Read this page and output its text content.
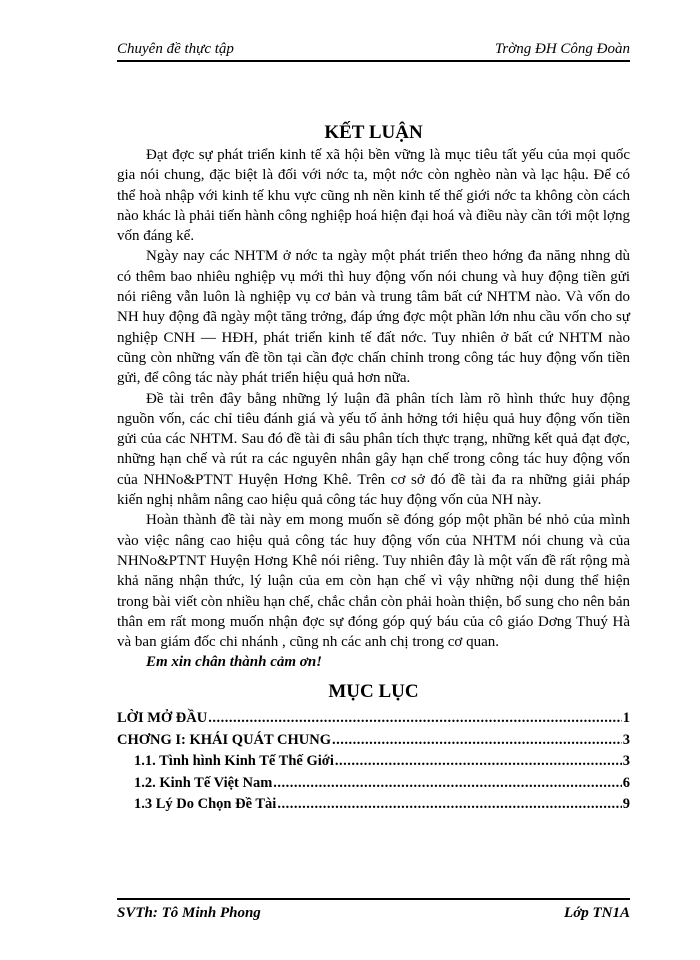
Chuyên đề thực tập	Trờng ĐH Công Đoàn
KẾT LUẬN

Đạt đợc sự phát triển kinh tế xã hội bền vững là mục tiêu tất yếu của mọi quốc gia nói chung, đặc biệt là đối với nớc ta, một nớc còn nghèo nàn và lạc hậu. Để có thể hoà nhập với kinh tế khu vực cũng nh nền kinh tế thế giới nớc ta không còn cách nào khác là phải tiến hành công nghiệp hoá hiện đại hoá và điều này cần tới một lợng vốn đáng kể.

Ngày nay các NHTM ở nớc ta ngày một phát triển theo hớng đa năng nhng dù có thêm bao nhiêu nghiệp vụ mới thì huy động vốn nói chung và huy động tiền gửi nói riêng vẫn luôn là nghiệp vụ cơ bản và trung tâm bất cứ NHTM nào. Và vốn do NH huy động đã ngày một tăng trởng, đáp ứng đợc một phần lớn nhu cầu vốn cho sự nghiệp CNH — HĐH, phát triển kinh tế đất nớc. Tuy nhiên ở bất cứ NHTM nào cũng còn những vấn đề tồn tại cần đợc chấn chỉnh trong công tác huy động vốn tiền gửi, để công tác này phát triển hiệu quả hơn nữa.

Đề tài trên đây bằng những lý luận đã phân tích làm rõ hình thức huy động nguồn vốn, các chỉ tiêu đánh giá và yếu tố ảnh hởng tới hiệu quả huy động vốn tiền gửi của các NHTM. Sau đó đề tài đi sâu phân tích thực trạng, những kết quả đạt đợc, những hạn chế và rút ra các nguyên nhân gây hạn chế trong công tác huy động vốn của NHNo&PTNT Huyện Hơng Khê. Trên cơ sở đó đề tài đa ra những giải pháp kiến nghị nhằm nâng cao hiệu quả công tác huy động vốn của NH này.

Hoàn thành đề tài này em mong muốn sẽ đóng góp một phần bé nhỏ của mình vào việc nâng cao hiệu quả công tác huy động vốn của NHTM nói chung và của NHNo&PTNT Huyện Hơng Khê nói riêng. Tuy nhiên đây là một vấn đề rất rộng mà khả năng nhận thức, lý luận của em còn hạn chế vì vậy những nội dung thể hiện trong bài viết còn nhiều hạn chế, chắc chắn còn phải hoàn thiện, bổ sung cho nên bản thân em rất mong muốn nhận đợc sự đóng góp quý báu của cô giáo Dơng Thuý Hà và ban giám đốc chi nhánh , cũng nh các anh chị trong cơ quan.

Em xin chân thành cảm ơn!

MỤC LỤC
LỜI MỞ ĐẦU .....	1
CHƠNG I: KHÁI QUÁT CHUNG .....	3
1.1. Tình hình Kinh Tế Thế Giới .....	3
1.2. Kinh Tế Việt Nam .....	6
1.3 Lý Do Chọn Đề Tài .....	9
SVTh: Tô Minh Phong	Lớp TN1A
